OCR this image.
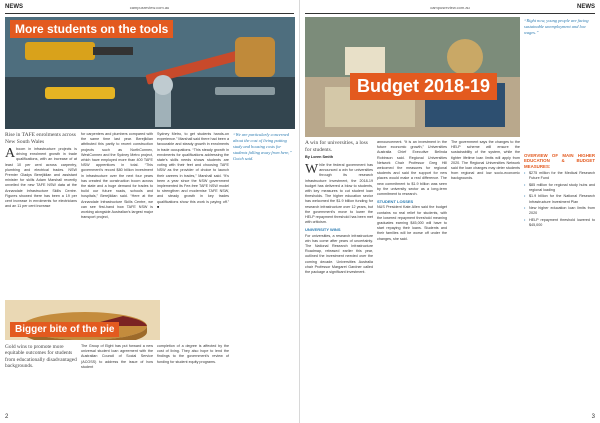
NEWS	campusreview.com.au
More students on the tools
Rise in TAFE enrolments across New South Wales
A boom in infrastructure projects is driving enrolment growth in trade qualifications, with an increase of at least 10 per cent across carpentry, plumbing and electrical trades. NSW Premier Gladys Berejiklian and assistant minister for skills Adam Marshall recently unveiled the new TAFE NSW data at the Annandale Infrastructure Skills Centre. Figures showed there has been a 19 per cent increase in enrolments for electricians and an 11 per cent increase
for carpenters and plumbers compared with the same time last year. Berejiklian attributed this partly to recent construction projects such as NorthConnex, WestConnex and the Sydney Metro project, which have employed more than 400 TAFE NSW apprentices in total. “This government’s record $80 billion investment in infrastructure over the next four years has created the construction boom across the state and a huge demand for trades to build our future roads, schools and hospitals,” Berejiklian said. “Here at the Annandale Infrastructure Skills Centre, we can see first-hand how TAFE NSW is working alongside Australian’s largest major transport project,
Sydney Metro, to get students hands-on experience.” Marshall said there had been a favourable and steady growth in enrolments in trade occupations. “This steady growth in enrolments for qualifications addressing the state’s skills needs shows students are voting with their feet and choosing TAFE NSW as the provider of choice to launch their careers in trades,” Marshall said. “It’s been a year since the NSW government implemented its Fee-free TAFE NSW model to strengthen and modernise TAFE NSW, and steady growth in key trades qualifications show this work is paying off.” ■
“We are particularly concerned about the cost of living putting study and housing costs for students falling away from here,” Gotch said.
Bigger bite of the pie
Gold wins to promote more equitable outcomes for students from educationally disadvantaged backgrounds.
The Group of Eight has put forward a new universal student loan agreement with the Australian Council of Social Service (ACOSS) to address the issue of how student
completion of a degree is affected by the cost of living. They also hope to lend the findings to the government's review of funding for student equity programs.
2
campusreview.com.au	NEWS
Budget 2018-19
“Right now, young people are facing sustainable unemployment and low wages.”
A win for universities, a loss for students.
By Loren Smith
W hile the federal government has announced a win for universities through its research infrastructure investment, the 2018-19 budget has delivered a blow to students, with key measures to cut student loan thresholds. The higher education sector has welcomed the $1.9 billion funding for research infrastructure over 12 years, but the government's move to lower the HELP repayment threshold has been met with criticism.
UNIVERSITY WINS
For universities, a research infrastructure win has come after years of uncertainty. The National Research Infrastructure Roadmap, released earlier this year, outlined the investment needed over the coming decade. Universities Australia chair Professor Margaret Gardner called the package a significant investment.
announcement. “It is an investment in the future economic growth,” Universities Australia Chief Executive Belinda Robinson said. Regional Universities Network Chair Professor Greg Hill welcomed the measures for regional students and said the support for new places would make a real difference. The new commitment to $1.9 billion was seen by the university sector as a long-term commitment to research.
STUDENT LOSSES
NUS President Kate Allen said the budget contains no real relief for students, with the lowered repayment threshold meaning graduates earning $45,000 will have to start repaying their loans. Students and their families will be worse off under the changes, she said.
The government says the changes to the HELP scheme will ensure the sustainability of the system, while the tighter lifetime loan limits will apply from 2020. The Regional Universities Network said the loan changes may deter students from regional and low socio-economic backgrounds.
OVERVIEW OF MAIN HIGHER EDUCATION & BUDGET MEASURES:
• $275 million for the Medical Research Future Fund
• $85 million for regional study hubs and regional loading
• $1.9 billion for the National Research Infrastructure Investment Plan
• New higher education loan limits from 2020
• HELP repayment threshold lowered to $45,000
3
